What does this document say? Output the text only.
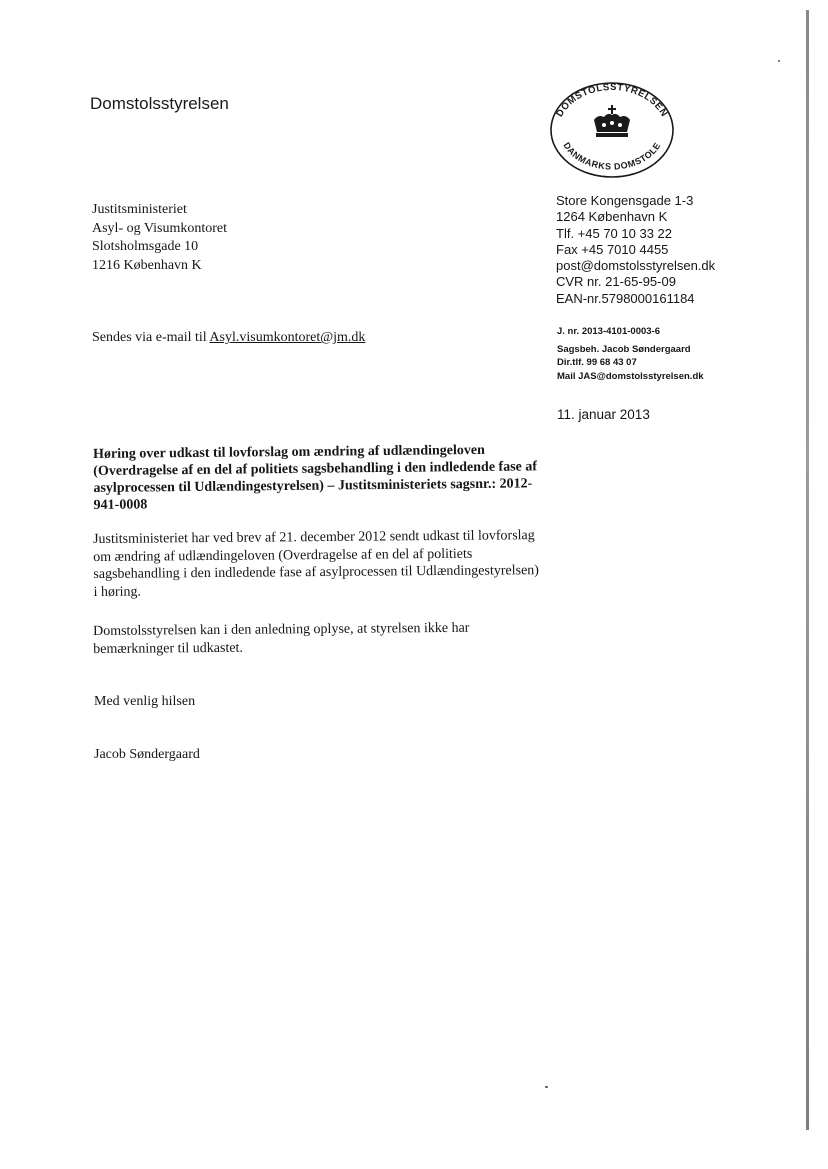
Domstolsstyrelsen	DOMSTOLSSTYRELSEN
DANMARKS DOMSTOLE
Justitsministeriet
Asyl- og Visumkontoret
Slotsholmsgade 10
1216 København K
Store Kongensgade 1-3
1264 København K
Tlf. +45 70 10 33 22
Fax +45 7010 4455
post@domstolsstyrelsen.dk
CVR nr. 21-65-95-09
EAN-nr.5798000161184
Sendes via e-mail til Asyl.visumkontoret@jm.dk	J. nr. 2013-4101-0003-6
Sagsbeh. Jacob Søndergaard
Dir.tlf. 99 68 43 07
Mail JAS@domstolsstyrelsen.dk
11. januar 2013
Høring over udkast til lovforslag om ændring af udlændingeloven (Overdragelse af en del af politiets sagsbehandling i den indledende fase af asylprocessen til Udlændingestyrelsen) – Justitsministeriets sagsnr.: 2012-941-0008
Justitsministeriet har ved brev af 21. december 2012 sendt udkast til lovforslag om ændring af udlændingeloven (Overdragelse af en del af politiets sagsbehandling i den indledende fase af asylprocessen til Udlændingestyrelsen) i høring.
Domstolsstyrelsen kan i den anledning oplyse, at styrelsen ikke har bemærkninger til udkastet.
Med venlig hilsen
Jacob Søndergaard
